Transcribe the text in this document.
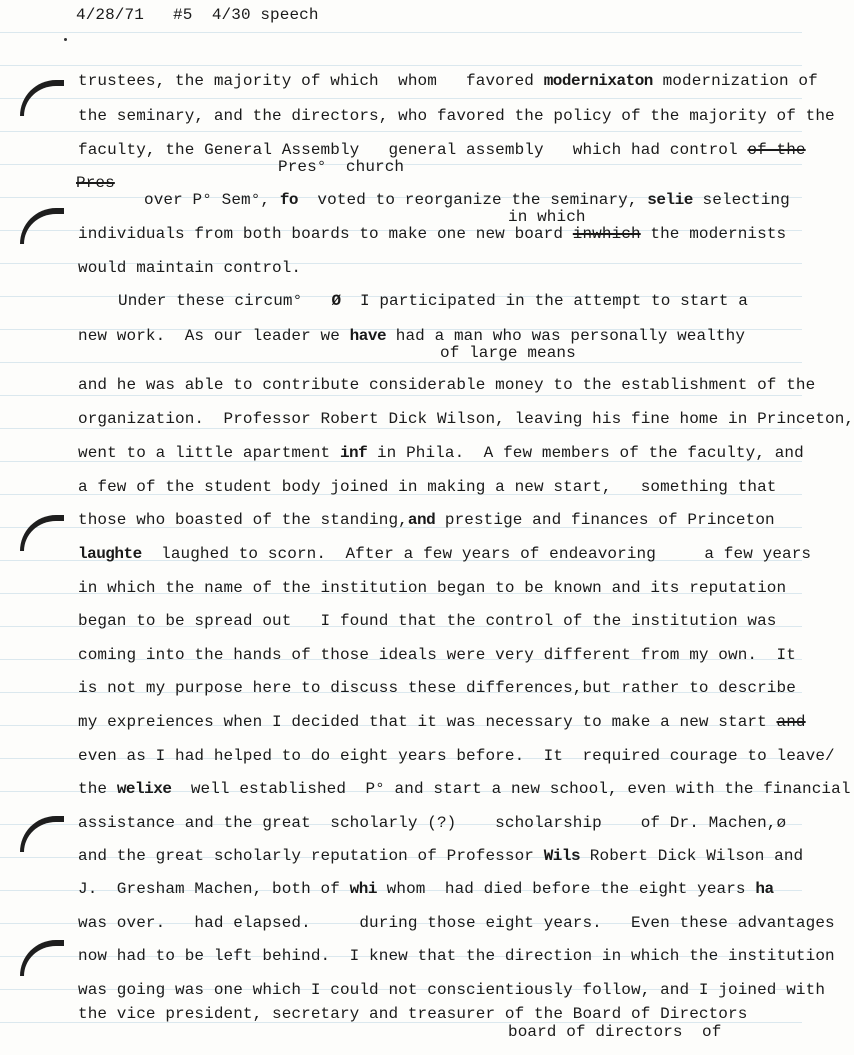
4/28/71 #5 4/30 speech
trustees, the majority of which  whom   favored modernixaton modernization of
the seminary, and the directors, who favored the policy of the majority of the
faculty, the General Assembly   general assembly   which had control of the
Pres°  church
Pres
over P° Sem°, fo  voted to reorganize the seminary, selie selecting
in which
individuals from both boards to make one new board inwhich the modernists
would maintain control.
Under these circum°   Ø  I participated in the attempt to start a
new work.  As our leader we have had a man who was personally wealthy
of large means
and he was able to contribute considerable money to the establishment of the
organization.  Professor Robert Dick Wilson, leaving his fine home in Princeton,
went to a little apartment inf in Phila.  A few members of the faculty, and
a few of the student body joined in making a new start,   something that
those who boasted of the standing,and prestige and finances of Princeton
laughte  laughed to scorn.  After a few years of endeavoring     a few years
in which the name of the institution began to be known and its reputation
began to be spread out   I found that the control of the institution was
coming into the hands of those ideals were very different from my own.  It
is not my purpose here to discuss these differences,but rather to describe
my expreiences when I decided that it was necessary to make a new start and
even as I had helped to do eight years before.  It  required courage to leave/
the welixe  well established  P° and start a new school, even with the financial
assistance and the great  scholarly (?)    scholarship    of Dr. Machen,ø
and the great scholarly reputation of Professor Wils Robert Dick Wilson and
J.  Gresham Machen, both of whi whom  had died before the eight years ha
was over.   had elapsed.     during those eight years.   Even these advantages
now had to be left behind.  I knew that the direction in which the institution
was going was one which I could not conscientiously follow, and I joined with
the vice president, secretary and treasurer of the Board of Directors
board of directors  of
